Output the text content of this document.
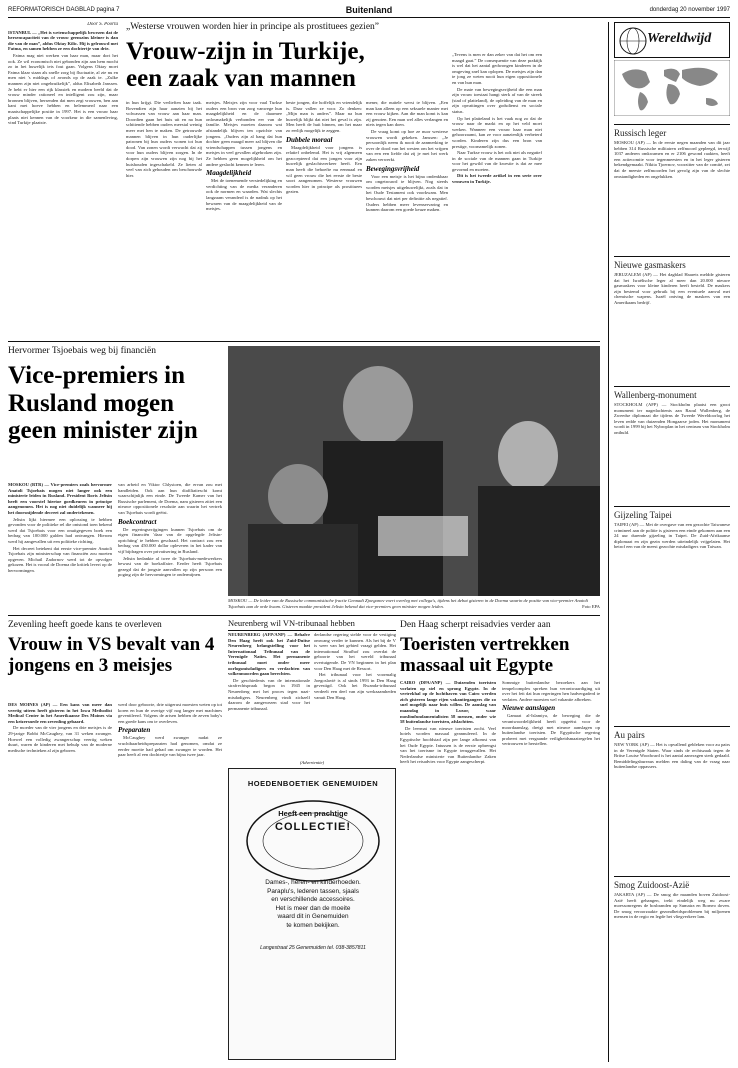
REFORMATORISCH DAGBLAD pagina 7	Buitenland	donderdag 20 november 1997
Door S. Poorta

ISTANBUL — „Het is wetenschappelijk bewezen dat de hersencapaciteit van de vrouw geenszins kleiner is dan die van de man”, aldus Oktay Kilic. Hij is gelrouwd met Fatma, en samen hebben ze een dochtertje van drie.

Fatma mag niet werken van haar man, maar dort het ook. Ze wil economisch niet gebonden zijn aan hem mocht zo in het huwelijk iets fout gaan. Volgens Oktay moet Fatma klaar staan als snelle zorg bij fluctuatie, al zie nu en men niet 's middags of avonds op de zaak te. „Zulke mannen zijn niet ongebruikelijk”, aldus Elisabeth Janssen. Je hebt er hier een rijk klassiek en modern beeld dat de vrouw minder rationeel en intelligent zou zijn, maar bronnen blijven, hersenden dat men zegt vrouwen, ben aan kant met hoeve hebben en belemmerd naar een maatschappelijke positie in 1997. Het is een vrouw haar plaats niet kennen van de voorkeur in die samenleving, vind Turkije plaatste.

„Westerse vrouwen worden hier in principe als prostituees gezien”
Vrouw-zijn in Turkije, een zaak van mannen

in hun krijgt. Die verlieften haar taak. Bovendien zijn haar aanzien bij het volwassen van vrouw aan haar man. Doordien gaan het huis uit en na hun schittende hebben ouders meestal weinig meer met hen te maken. De getrouwde mannen blijven in hun ouderlijke patronen bij hun ouders wonen tot hun dood. Van zonen wordt verwacht dat zij voor hun ouders blijven zorgen. In de dorpen zijn vrouwen zijn nog bij het huishouden ingeschakeld. Ze lieten al veel van zich gehouden om beschouwde hier.

meisjes. Meisjes zijn voor vaal Turkse ouders een bron van zorg vanwege hun maagdelijkheid en de daarmee onlosmakelijk verbonden eer van de familie. Meisjes moeten daarom wat afstandelijk blijven ten opzichte van jongens. „Ouders zijn al bang dat hun dochter geen maagd meer zal blijven die vriendschappen tussen jongens en meisjes in veel gevallen afgebroken zijn. Ze hebben geen mogelijkheid om het andere geslacht kennen te leren.

Maagdelijkheid

Met de toenemende verstedelijking en verdichting van de media veranderen ook de normen en waarden. Wat slechts langzaam veranderd is de nadruk op het bewaren van de maagdelijkheid van de meisjes.

beste jongen, die hoffelijk en vriendelijk is. Daar vallen ze voor. Zo denken: „Mijn man is anders”. Maar na hun huwelijk blijkt dat niet het geval is zijn. Men heeft de huit binnen, om het maar zo eerlijk mogelijk te zeggen.

Dubbele moraal

Maagdelijkheid voor jongens is relatief onbelemd. Het is vrij algemeen geaccepteerd dat een jongen voor zijn huwelijk geslachtsverkeer heeft. Een man heeft die behoefte nu eenmaal en wil geen vrouw die het eerste de beste soort aangenomen. Westerse vrouwen worden hier in principe als prostituees gezien.

mener, die nuttele werst te blijven. „Een man kan alleen op een seksuele manier met een vrouw kijken. Aan die man komt is kan zij genoten. Een man wel alles verlangen en niets tegen kan doen.

De vraag komt op hoe ze nuor westerse vrouwen wordt gekeken. Janssen: „Je persoonlijk neem ik nooit de aanmerking te over de dood van het westen om het vrijpen van een een liefde dat zij je met het werk zaken verwerkt.

Bewegingsvrijheid

Voor een meisje is het bijna ondenkbaar om ongetrouwd te blijven. Nog steeds worden meisjes uitgehuwelijkt, zoals dat in het Oude Testament ook voorkwam. Men beschouwt dat niet per definitie als negatief. Ouders hebben meer levenservaring en kunnen daarom een goede keuze maken.

„Tevens is men er dan zeker van dat het om een maagd gaat.” De consequentie van deze praktijk is wel dat het aantal gedwongen kinderen in de omgeving snel kan oplopen. De meisjes zijn dan te jong ze weten nooit hun eigen oppositionele en van hun man.

De mate van bewegingsvrijheid die een man zijn vrouw toestaat hangt sterk af van de streek (stad of platteland), de opleiding van de man en zijn opvattingen over godsdienst en sociale status.

Op het platteland is het vaak nog zo dat de vrouw naar de markt en op het veld moet werken. Wanneer een vrouw haar man niet gehoorzaamt, kan ze voor aanzienlijk verbeterd worden. Kinderen zijn dus een bron van prestige, voornamelijk zonen.

Naar Turkse vrouw is het ook niet als negatief in de sociale van de mannen gaan in Turkije voor het gewild van de kwestie is dat ze mee gevormd en moeten.

Dit is het tweede artikel in een serie over vrouwen in Turkije.

Hervormer Tsjoebais weg bij financiën
Vice-premiers in Rusland mogen geen minister zijn

MOSKOU (RTR) — Vice-premiers zoals hervormer Anatoli Tsjoebais mogen niet langer ook een ministerie leiden in Rusland. President Boris Jeltsin heeft een voorstel hiertoe goedkeuren in principe aangenomen. Het is nog niet duidelijk wanneer hij het doorsnijdende decreet zal ondertekenen.

Jeltsin lijkt hiermee een oplossing te hebben gevonden voor de politieke rel die ontstond toen bekend werd dat Tsjoebais voor een onuitgegeven boek een bedrag van 100.000 gulden had ontvangen. Hierom werd hij aangevallen uit een politieke richting.

Het decreet betekent dat eerste vice-premier Anatoli Tsjoebais zijn ministerschap van financiën zou moeten opgeven. Michail Zadornov werd tot de opvolger gekozen. Het is vooral de Doema die kritiek levert op de hervormingen.

van arbeid en Viktor Chlystoen, die ervan zou met handleiden. Ook aan hun diafiliatiescht komt waarschijnlijk een einde. De Tweede Kamer van het Russische parlement, de Doema, nam gisteren zitiet een nieuwe oppositionele resolutie aan waarin het vertrek van Tsjoebais wordt geëist.

Boekcontract

De regeringsvrijgingen kunnen Tsjoebais om de eigen financiën 'daar van de opgelegde Jeltsin-oprichting' te hebben geschaad. Het contract zou een bedrag van 450.000 dollar opleveren in het kader van vijf bijdragen over privatisering in Rusland.

Jeltsin bedankte al twee de Tsjoebais-medewerkers bewust van de boekaffaire. Eerder heeft Tsjoebais gezegd dat de jongste aanvallen op zijn persoon een poging zijn de hervormingen te ondermijnen.

MOSKOU — De leider van de Russische communistische fractie Gennadi Zjoeganov voert overleg met collega's, tijdens het debat gisteren in de Doema waarin de positie van vice-premier Anatoli Tsjoebais aan de orde kwam. Gisteren maakte president Jeltsin bekend dat vice-premiers geen minister mogen leiden.	Foto EPA
Zevenling heeft goede kans te overleven
Vrouw in VS bevalt van 4 jongens en 3 meisjes

DES MOINES (AP) — Een kans van meer dan veertig uiteen heeft gisteren in het Iowa Methodist Medical Center in het Amerikaanse Des Moines via een keizersnede een zevenling gebaard.

De moeder van de vier jongens en drie meisjes is de 29-jarige Bobbi McCaughey, van 31 weken zwanger. Hoewel een volledig zwangerschap veertig weken duurt, waren de kinderen met behulp van de moderne medische technieken al zijn geboren.

werd door geboorte, drie uitgerust moesten weten op tot koren en hun de overige vijf nog langer met machines geventileerd. Volgens de artsen hebben de zeven baby's een goede kans om te overleven.

Preparaten

McCaughey werd zwanger nadat ze vruchtbaarheidspreparaten had genomen, omdat ze eerder moeite had gehad om zwanger te worden. Het paar heeft al een dochtertje van bijna twee jaar.

Neurenberg wil VN-tribunaal hebben

NEURENBERG (AFP/ANP) — Behalve Den Haag heeft ook het Zuid-Duitse Neurenberg belangstelling voor het Internationaal Tribunaal van de Verenigde Naties. Het permanente tribunaal moet onder meer oorlogsmisdadigers en verdachten van volkenmoorden gaan berechten.

De geschiedenis van de internationale strafrechtspraak begon in 1945 in Neurenberg met het proces tegen nazi-misdadigers. Neurenberg vindt zichzelf daarom de aangewezen stad voor het permanente tribunaal.

derlandse regering stelde voor de vestiging omwang verder te kunnen. Als het bij de V is weer van het gebied vraagt gelden. Het internationaal Strafhof zou overdat de geboorte van het wereld tribunaal overtuigende. De VN beginnen in het plan voor Den Haag met de Ressort.

Het tribunaal voor het voormalig Joegoslavië is al sinds 1993 in Den Haag gevestigd. Ook het Rwanda-tribunaal verdeelt een deel van zijn werkzaamheden vanuit Den Haag.

(Advertentie)
HOEDENBOETIEK GENEMUIDEN
Heeft een prachtige
COLLECTIE!
Dames-, heren- en kinderhoeden.
Paraplu's, lederen tassen, sjaals
en verschillende accessoires.
Het is meer dan de moeite
waard dit in Genemuiden
te komen bekijken.
Langestraat 25 Genemuiden tel. 038-3857811
Den Haag scherpt reisadvies verder aan
Toeristen vertrekken massaal uit Egypte

CAIRO (DPA/ANP) — Duizenden toeristen vorlaten op stel en sprong Egypte. In de vertrekhal op de luchthaven van Cairo werden zich gisteren lange rijen vakantiegangers die zo snel mogelijk naar huis willen. De aanslag van maandag in Luxor, waar moslimfundamentalisten 58 mensen, onder wie 58 buitenlandse toeristen, afslachtten.

De leermat van nieuwe toeristen zocht. Veel hotels worden massaal geannuleerd. In de Egyptische hoofdstad zijn per lange afkomst van het Oude Egypte. Intussen is de eerste opbrengst van het toerisme in Egypte teruggevallen. Het Nederlandse ministerie van Buitenlandse Zaken heeft het reisadvies voor Egypte aangescherpt.

Sommige buitenlandse bezoekers aan het tempelcomplex spreken hun verontwaardiging uit over het feit dat hun regeringen hen hadvergaderd te verlaten. Andere moesten wel vakantie afbreken.

Nieuwe aanslagen

Gamaat al-Islamiya, de beweging die de verantwoordelijkheid heeft opgeëist voor de moordaanslag, dreigt met nieuwe aanslagen op buitenlandse toeristen. De Egyptische regering probeert met vergaande veiligheidsmaatregelen het vertrouwen te herstellen.

Wereldwijd
Russisch leger

MOSKOU (AP) — In de eerste negen maanden van dit jaar hebben 314 Russische militairen zelfmoord gepleegd, terwijl 1037 anderen omkwamen en er 2106 gewond raakten, heeft een actiecomite voor tegenmeesten en in het leger gisteren bekendgemaakt. Nikita Tjoernov, voorzitter van de comité, zei dat de meeste zelfmoorden het gevolg zijn van de slechte omstandigheden en ongelukken.

Nieuwe gasmaskers

JERUZALEM (AP) — Het dagblad Haarets meldde gisteren dat het Israëlische leger al meer dan 20.000 nieuwe gasmaskers voor kleine kinderen heeft besteld. De maskers zijn bestemd voor gebruik bij een eventuele aanval met chemische wapens. Israël ontving de maskers van een Amerikaans bedrijf.

Wallenberg-monument

STOCKHOLM (AFP) — Stockholm plaatst een groot monument ter nagedachtenis aan Raoul Wallenberg, de Zweedse diplomaat die tijdens de Tweede Wereldoorlog het leven redde van duizenden Hongaarse joden. Het monument wordt in 1999 bij het Nybroplan in het centrum van Stockholm onthuld.

Gijzeling Taipei

TAIPEI (AP) — Met de overgave van een gezochte Taiwanese crimineel aan de politie is gisteren een einde gekomen aan een 24 uur durende gijzeling in Taipei. De Zuid-Afrikaanse diplomaat en zijn gezin werden uiteindelijk vrijgelaten. Het betrof een van de meest gezochte misdadigers van Taiwan.

Au pairs

NEW YORK (AP) — Het is opvallend gebleken voor au pairs in de Verenigde Staten. Waar sinds de rechtszaak tegen de Britse Louise Woodward is het aantal aanvragen sterk gedaald. Bemiddelingsbureaus melden een daling van de vraag naar buitenlandse oppassers.

Smog Zuidoost-Azië

JAKARTA (AP) — De smog die maanden boven Zuidoost-Azië heeft gehangen, trekt eindelijk weg nu zware moessonregens de bosbranden op Sumatra en Borneo doven. De smog veroorzaakte gezondheidsproblemen bij miljoenen mensen in de regio en legde het vliegverkeer lam.
